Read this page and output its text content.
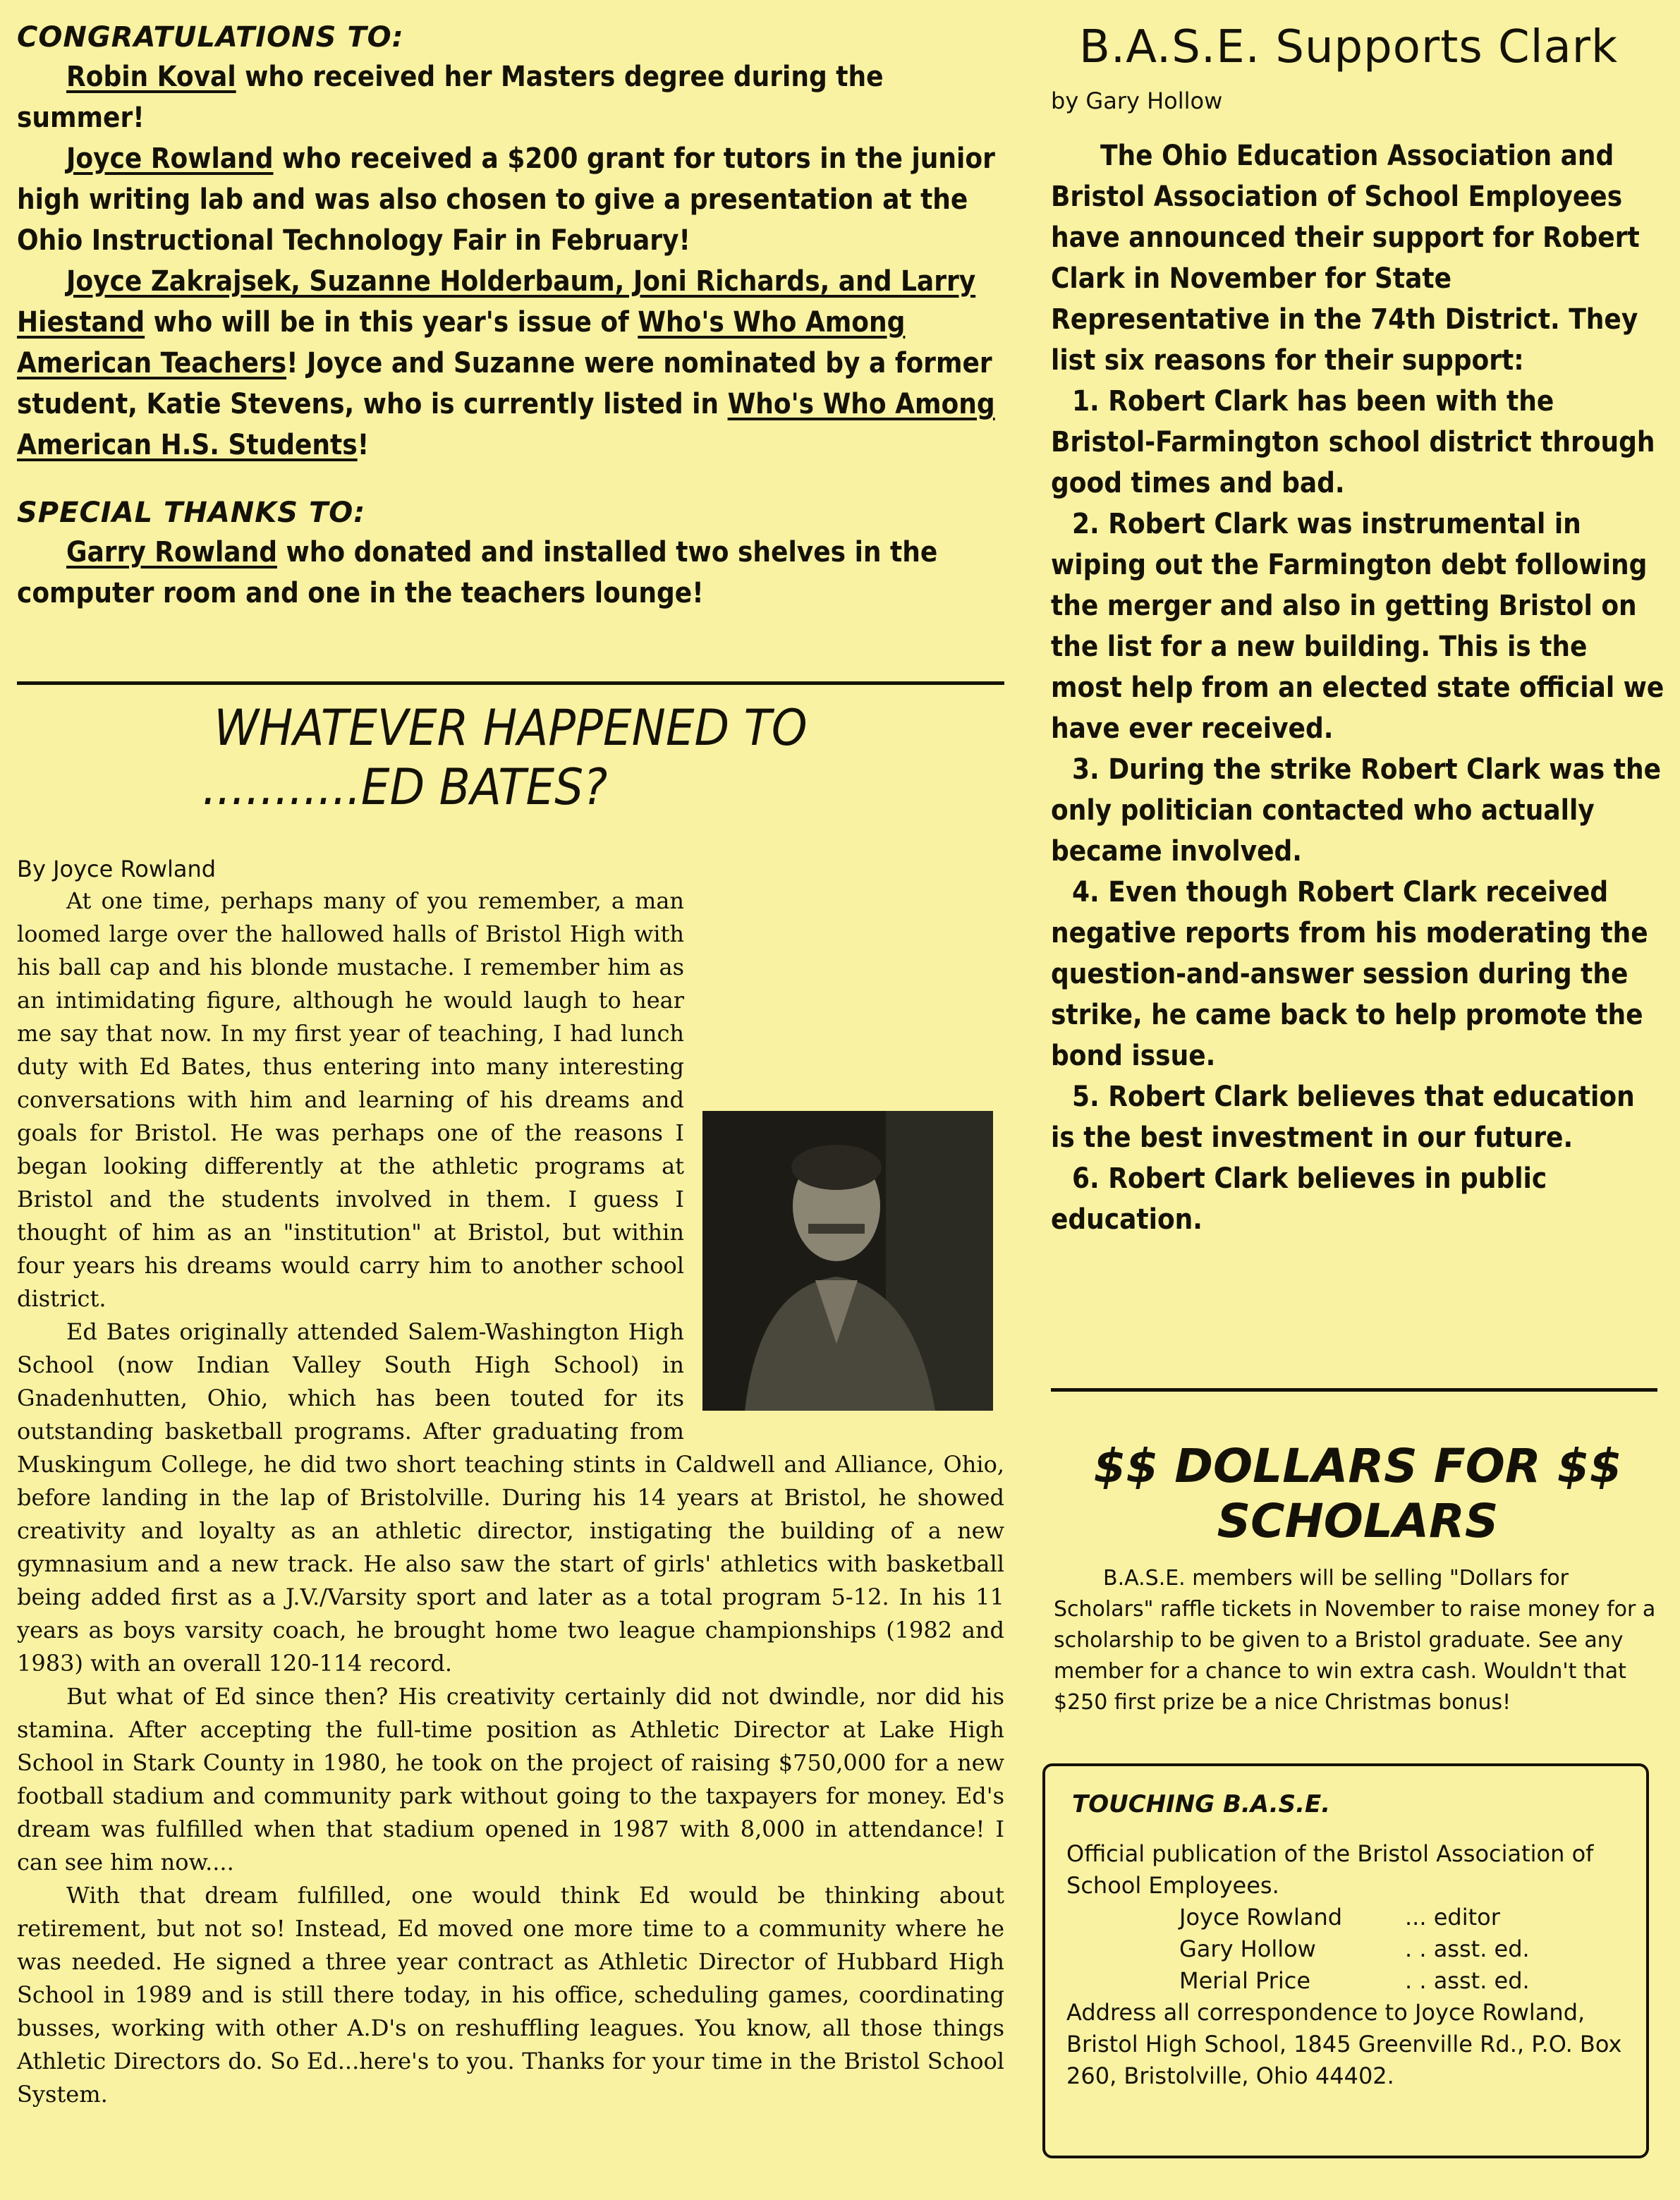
CONGRATULATIONS TO:

Robin Koval who received her Masters degree during the summer!

Joyce Rowland who received a $200 grant for tutors in the junior high writing lab and was also chosen to give a presentation at the Ohio Instructional Technology Fair in February!

Joyce Zakrajsek, Suzanne Holderbaum, Joni Richards, and Larry Hiestand who will be in this year's issue of Who's Who Among American Teachers! Joyce and Suzanne were nominated by a former student, Katie Stevens, who is currently listed in Who's Who Among American H.S. Students!

SPECIAL THANKS TO:

Garry Rowland who donated and installed two shelves in the computer room and one in the teachers lounge!

WHATEVER HAPPENED TO

...........ED BATES?

By Joyce Rowland

At one time, perhaps many of you remember, a man loomed large over the hallowed halls of Bristol High with his ball cap and his blonde mustache. I remember him as an intimidating figure, although he would laugh to hear me say that now. In my first year of teaching, I had lunch duty with Ed Bates, thus entering into many interesting conversations with him and learning of his dreams and goals for Bristol. He was perhaps one of the reasons I began looking differently at the athletic programs at Bristol and the students involved in them. I guess I thought of him as an "institution" at Bristol, but within four years his dreams would carry him to another school district.

Ed Bates originally attended Salem-Washington High School (now Indian Valley South High School) in Gnadenhutten, Ohio, which has been touted for its outstanding basketball programs. After graduating from Muskingum College, he did two short teaching stints in Caldwell and Alliance, Ohio, before landing in the lap of Bristolville. During his 14 years at Bristol, he showed creativity and loyalty as an athletic director, instigating the building of a new gymnasium and a new track. He also saw the start of girls' athletics with basketball being added first as a J.V./Varsity sport and later as a total program 5-12. In his 11 years as boys varsity coach, he brought home two league championships (1982 and 1983) with an overall 120-114 record.

But what of Ed since then? His creativity certainly did not dwindle, nor did his stamina. After accepting the full-time position as Athletic Director at Lake High School in Stark County in 1980, he took on the project of raising $750,000 for a new football stadium and community park without going to the taxpayers for money. Ed's dream was fulfilled when that stadium opened in 1987 with 8,000 in attendance! I can see him now....

With that dream fulfilled, one would think Ed would be thinking about retirement, but not so! Instead, Ed moved one more time to a community where he was needed. He signed a three year contract as Athletic Director of Hubbard High School in 1989 and is still there today, in his office, scheduling games, coordinating busses, working with other A.D's on reshuffling leagues. You know, all those things Athletic Directors do. So Ed...here's to you. Thanks for your time in the Bristol School System.

B.A.S.E. Supports Clark

by Gary Hollow

The Ohio Education Association and Bristol Association of School Employees have announced their support for Robert Clark in November for State Representative in the 74th District. They list six reasons for their support:

1. Robert Clark has been with the Bristol-Farmington school district through good times and bad.

2. Robert Clark was instrumental in wiping out the Farmington debt following the merger and also in getting Bristol on the list for a new building. This is the most help from an elected state official we have ever received.

3. During the strike Robert Clark was the only politician contacted who actually became involved.

4. Even though Robert Clark received negative reports from his moderating the question-and-answer session during the strike, he came back to help promote the bond issue.

5. Robert Clark believes that education is the best investment in our future.

6. Robert Clark believes in public education.

$$ DOLLARS FOR $$

SCHOLARS

B.A.S.E. members will be selling "Dollars for Scholars" raffle tickets in November to raise money for a scholarship to be given to a Bristol graduate. See any member for a chance to win extra cash. Wouldn't that $250 first prize be a nice Christmas bonus!

TOUCHING B.A.S.E.

Official publication of the Bristol Association of School Employees.

Joyce Rowland	... editor
Gary Hollow	. . asst. ed.
Merial Price	. . asst. ed.

Address all correspondence to Joyce Rowland, Bristol High School, 1845 Greenville Rd., P.O. Box 260, Bristolville, Ohio 44402.
